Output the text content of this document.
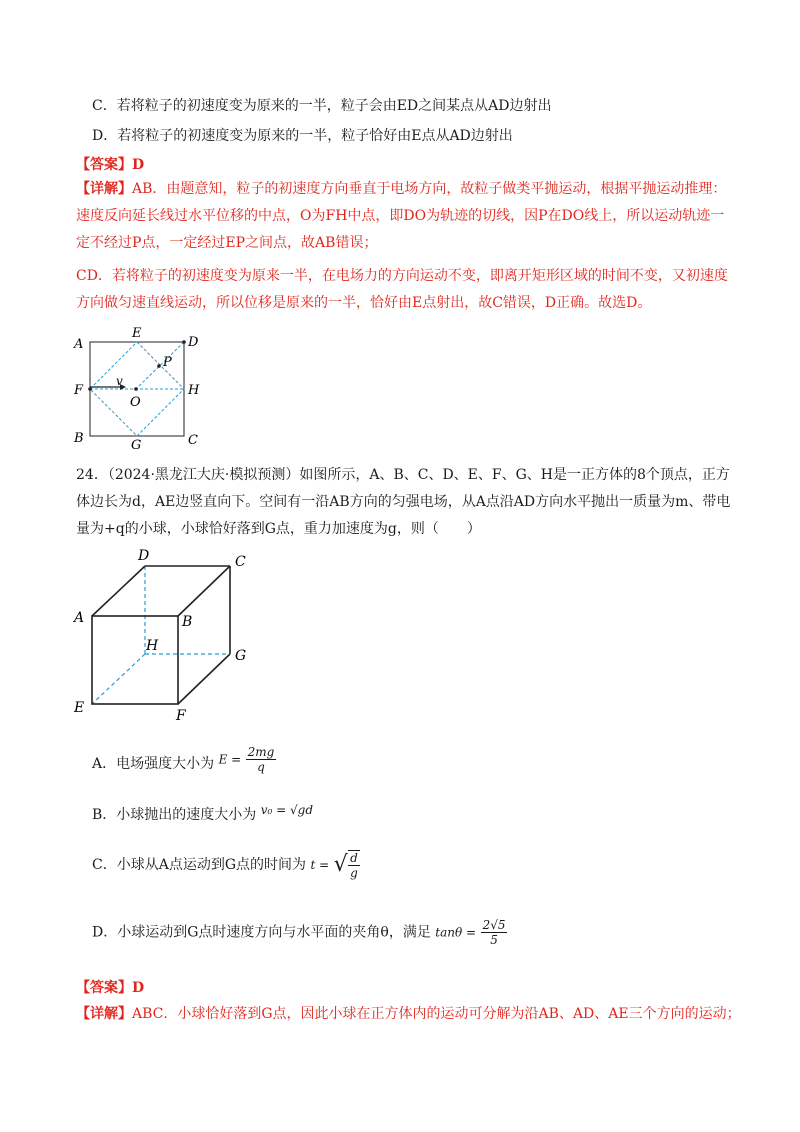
C．若将粒子的初速度变为原来的一半，粒子会由ED之间某点从AD边射出
D．若将粒子的初速度变为原来的一半，粒子恰好由E点从AD边射出
【答案】D
【详解】AB．由题意知，粒子的初速度方向垂直于电场方向，故粒子做类平抛运动，根据平抛运动推理：速度反向延长线过水平位移的中点，O为FH中点，即DO为轨迹的切线，因P在DO线上，所以运动轨迹一定不经过P点，一定经过EP之间点，故AB错误；
CD．若将粒子的初速度变为原来一半，在电场力的方向运动不变，即离开矩形区域的时间不变，又初速度方向做匀速直线运动，所以位移是原来的一半，恰好由E点射出，故C错误，D正确。故选D。
A
E
D
P
F
v
H
O
B	G	C
24．（2024·黑龙江大庆·模拟预测）如图所示，A、B、C、D、E、F、G、H是一正方体的8个顶点，正方体边长为d，AE边竖直向下。空间有一沿AB方向的匀强电场，从A点沿AD方向水平抛出一质量为m、带电量为+q的小球，小球恰好落到G点，重力加速度为g，则（　　）
D	C
A	B
H
G
E	F
A．电场强度大小为 $E = \frac{2mg}{q}$
B．小球抛出的速度大小为 v₀ = √gd
C．小球从A点运动到G点的时间为 t = √ $\frac{d}{g}$
D．小球运动到G点时速度方向与水平面的夹角θ，满足 $\tan\theta = \frac{2√5}{5}$
【答案】D
【详解】ABC．小球恰好落到G点，因此小球在正方体内的运动可分解为沿AB、AD、AE三个方向的运动；
